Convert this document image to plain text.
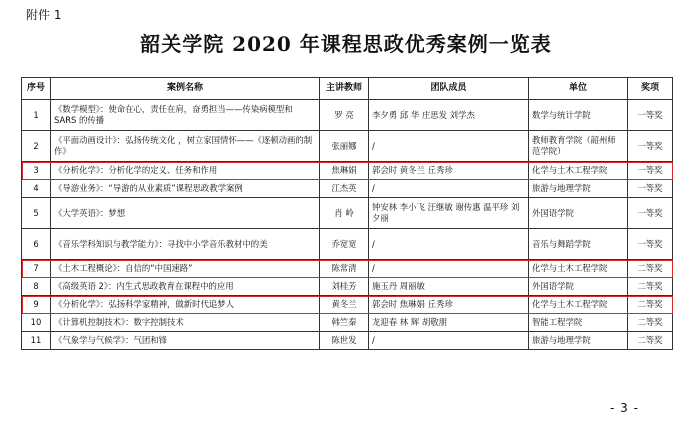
附件 1
韶关学院 2020 年课程思政优秀案例一览表
序号	案例名称	主讲教师	团队成员	单位	奖项
1	《数学模型》：使命在心，责任在肩，奋勇担当——传染病模型和 SARS 的传播	罗 亮	李夕勇 邱 华 庄思发 刘学杰	数学与统计学院	一等奖
2	《平面动画设计》：弘扬传统文化 ，树立家国情怀——《逐顿动画的制作》	张丽娜	/	教师教育学院（韶州师范学院）	一等奖
3	《分析化学》：分析化学的定义、任务和作用	焦琳娟	郭会时 黄冬兰 丘秀珍	化学与土木工程学院	一等奖
4	《导游业务》：“导游的从业素质”课程思政教学案例	江杰英	/	旅游与地理学院	一等奖
5	《大学英语》：梦想	肖 岭	钟安林 李小飞 汪继敏 谢传惠 温平珍 刘夕丽	外国语学院	一等奖
6	《音乐学科知识与教学能力》：寻找中小学音乐教材中的美	乔宽宽	/	音乐与舞蹈学院	一等奖
7	《土木工程概论》：自信的“中国速路”	陈常清	/	化学与土木工程学院	二等奖
8	《高级英语 2》：内生式思政教育在课程中的应用	刘桂芳	施玉丹 周丽敏	外国语学院	二等奖
9	《分析化学》：弘扬科学家精神，做新时代追梦人	黄冬兰	郭会时 焦琳娟 丘秀珍	化学与土木工程学院	二等奖
10	《计算机控制技术》：数字控制技术	韩竺秦	龙迎春 林 辉 胡敬朋	智能工程学院	二等奖
11	《气象学与气候学》：气团和锋	陈世发	/	旅游与地理学院	二等奖
- 3 -
